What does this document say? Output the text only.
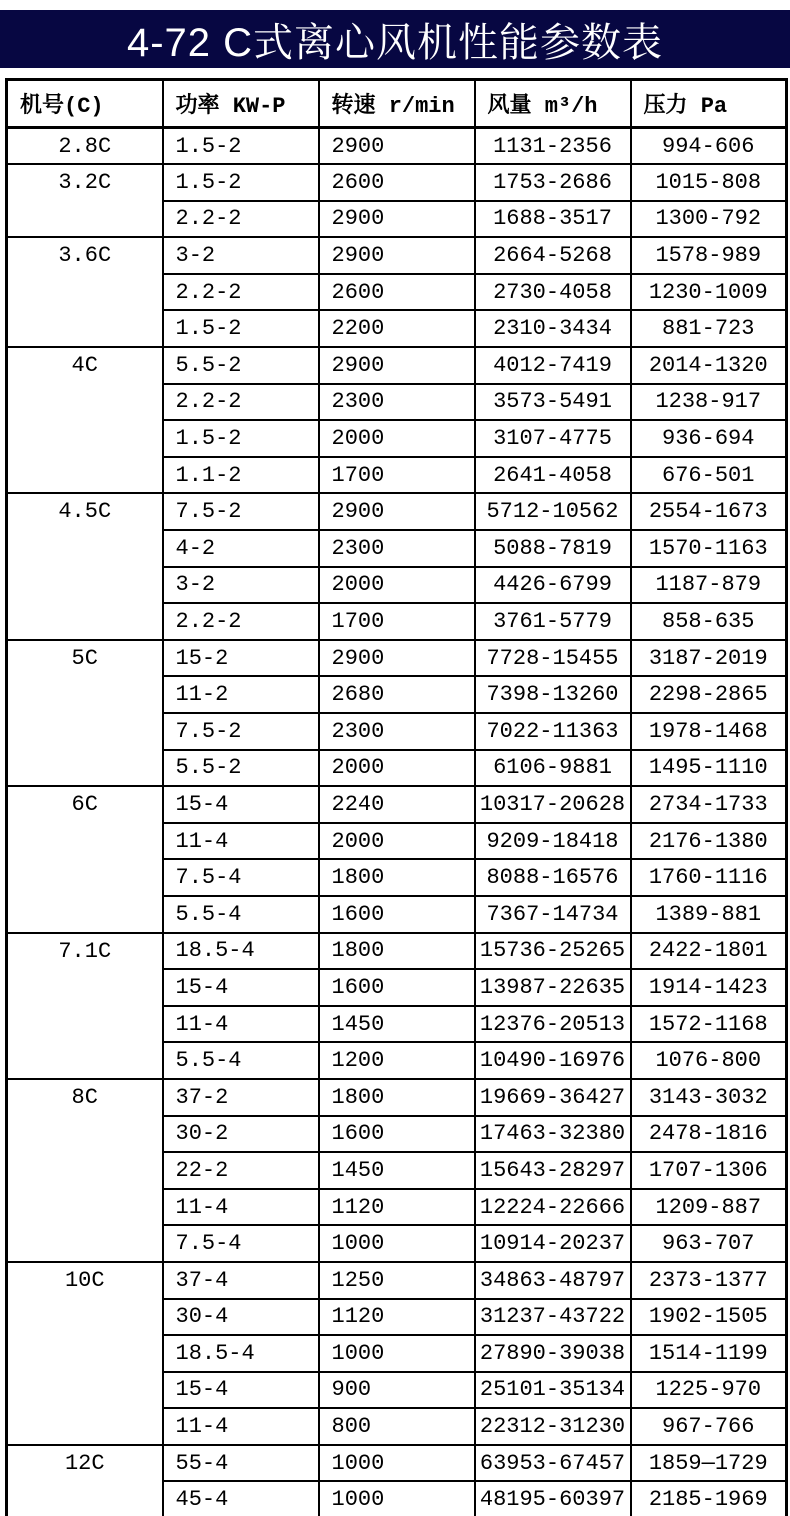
4-72 C式离心风机性能参数表
机号(C)	功率 KW-P	转速 r/min	风量 m³/h	压力 Pa
2.8C	1.5-2	2900	1131-2356	994-606
3.2C	1.5-2	2600	1753-2686	1015-808
	2.2-2	2900	1688-3517	1300-792
3.6C	3-2	2900	2664-5268	1578-989
	2.2-2	2600	2730-4058	1230-1009
	1.5-2	2200	2310-3434	881-723
4C	5.5-2	2900	4012-7419	2014-1320
	2.2-2	2300	3573-5491	1238-917
	1.5-2	2000	3107-4775	936-694
	1.1-2	1700	2641-4058	676-501
4.5C	7.5-2	2900	5712-10562	2554-1673
	4-2	2300	5088-7819	1570-1163
	3-2	2000	4426-6799	1187-879
	2.2-2	1700	3761-5779	858-635
5C	15-2	2900	7728-15455	3187-2019
	11-2	2680	7398-13260	2298-2865
	7.5-2	2300	7022-11363	1978-1468
	5.5-2	2000	6106-9881	1495-1110
6C	15-4	2240	10317-20628	2734-1733
	11-4	2000	9209-18418	2176-1380
	7.5-4	1800	8088-16576	1760-1116
	5.5-4	1600	7367-14734	1389-881
7.1C	18.5-4	1800	15736-25265	2422-1801
	15-4	1600	13987-22635	1914-1423
	11-4	1450	12376-20513	1572-1168
	5.5-4	1200	10490-16976	1076-800
8C	37-2	1800	19669-36427	3143-3032
	30-2	1600	17463-32380	2478-1816
	22-2	1450	15643-28297	1707-1306
	11-4	1120	12224-22666	1209-887
	7.5-4	1000	10914-20237	963-707
10C	37-4	1250	34863-48797	2373-1377
	30-4	1120	31237-43722	1902-1505
	18.5-4	1000	27890-39038	1514-1199
	15-4	900	25101-35134	1225-970
	11-4	800	22312-31230	967-766
12C	55-4	1000	63953-67457	1859—1729
	45-4	1000	48195-60397	2185-1969
